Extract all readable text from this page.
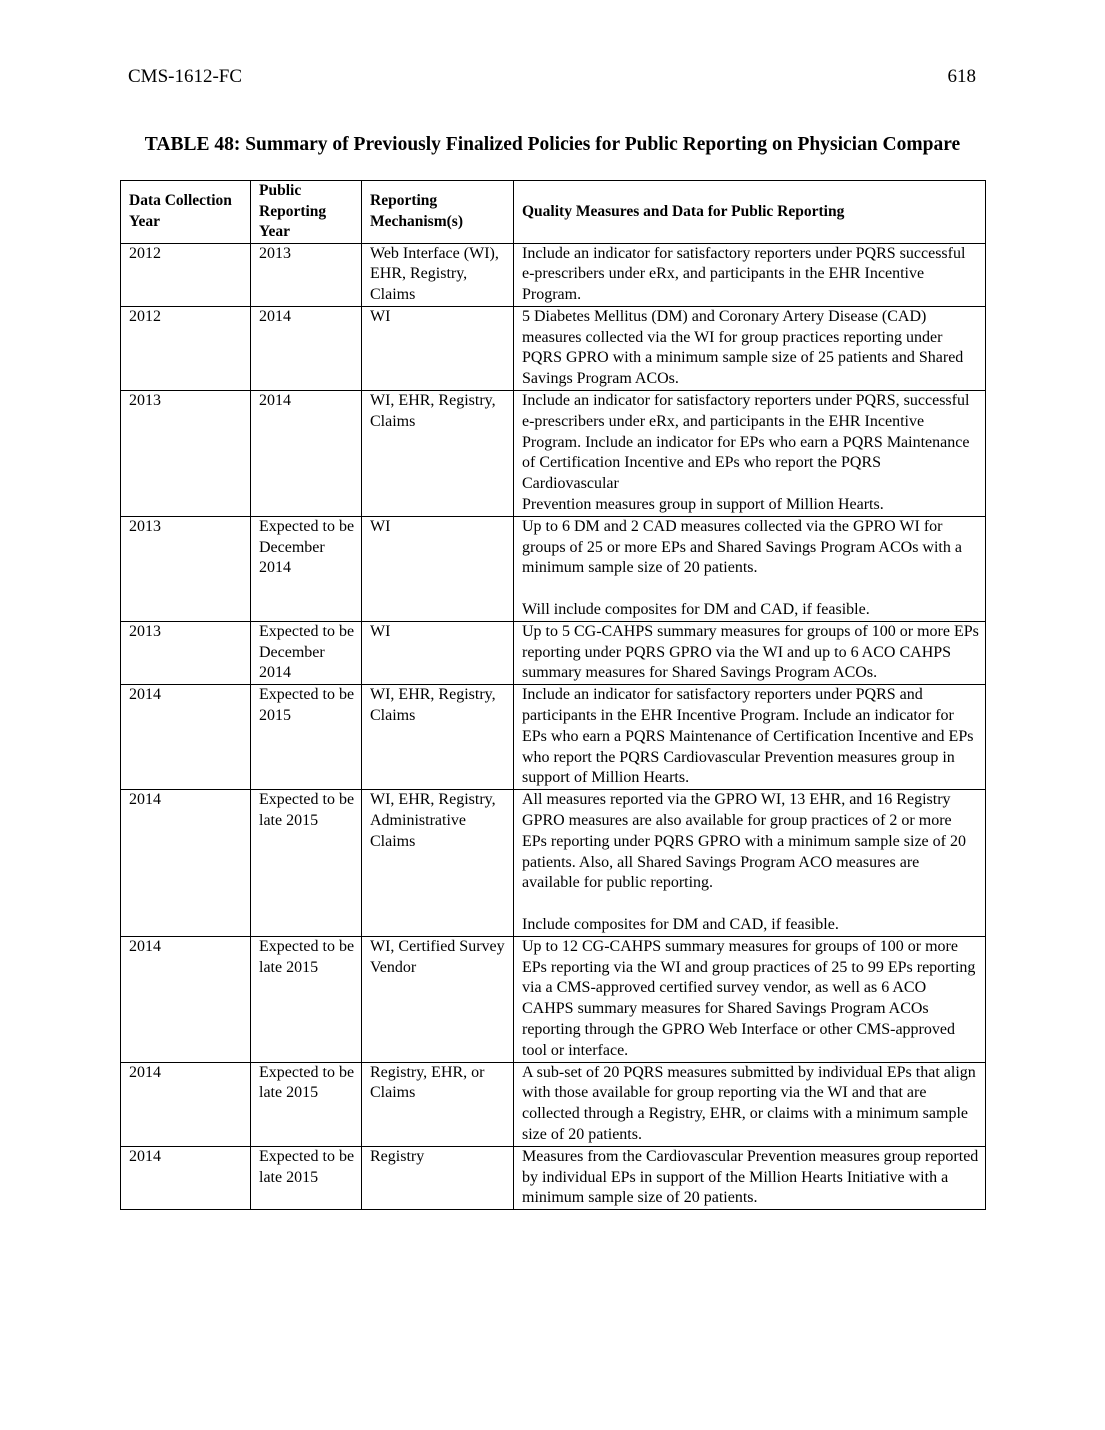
CMS-1612-FC	618
TABLE 48: Summary of Previously Finalized Policies for Public Reporting on Physician Compare
Data Collection Year	Public Reporting Year	Reporting Mechanism(s)	Quality Measures and Data for Public Reporting
2012	2013	Web Interface (WI), EHR, Registry, Claims	Include an indicator for satisfactory reporters under PQRS successful e-prescribers under eRx, and participants in the EHR Incentive Program.
2012	2014	WI	5 Diabetes Mellitus (DM) and Coronary Artery Disease (CAD) measures collected via the WI for group practices reporting under PQRS GPRO with a minimum sample size of 25 patients and Shared Savings Program ACOs.
2013	2014	WI, EHR, Registry, Claims	Include an indicator for satisfactory reporters under PQRS, successful e-prescribers under eRx, and participants in the EHR Incentive Program. Include an indicator for EPs who earn a PQRS Maintenance of Certification Incentive and EPs who report the PQRS Cardiovascular
Prevention measures group in support of Million Hearts.
2013	Expected to be December 2014	WI	Up to 6 DM and 2 CAD measures collected via the GPRO WI for groups of 25 or more EPs and Shared Savings Program ACOs with a minimum sample size of 20 patients.

Will include composites for DM and CAD, if feasible.
2013	Expected to be December 2014	WI	Up to 5 CG-CAHPS summary measures for groups of 100 or more EPs reporting under PQRS GPRO via the WI and up to 6 ACO CAHPS summary measures for Shared Savings Program ACOs.
2014	Expected to be 2015	WI, EHR, Registry, Claims	Include an indicator for satisfactory reporters under PQRS and participants in the EHR Incentive Program. Include an indicator for EPs who earn a PQRS Maintenance of Certification Incentive and EPs who report the PQRS Cardiovascular Prevention measures group in support of Million Hearts.
2014	Expected to be late 2015	WI, EHR, Registry, Administrative Claims	All measures reported via the GPRO WI, 13 EHR, and 16 Registry GPRO measures are also available for group practices of 2 or more EPs reporting under PQRS GPRO with a minimum sample size of 20 patients. Also, all Shared Savings Program ACO measures are available for public reporting.

Include composites for DM and CAD, if feasible.
2014	Expected to be late 2015	WI, Certified Survey Vendor	Up to 12 CG-CAHPS summary measures for groups of 100 or more EPs reporting via the WI and group practices of 25 to 99 EPs reporting via a CMS-approved certified survey vendor, as well as 6 ACO CAHPS summary measures for Shared Savings Program ACOs reporting through the GPRO Web Interface or other CMS-approved tool or interface.

2014	Expected to be late 2015	Registry, EHR, or Claims	A sub-set of 20 PQRS measures submitted by individual EPs that align with those available for group reporting via the WI and that are collected through a Registry, EHR, or claims with a minimum sample size of 20 patients.
2014	Expected to be late 2015	Registry	Measures from the Cardiovascular Prevention measures group reported by individual EPs in support of the Million Hearts Initiative with a minimum sample size of 20 patients.
